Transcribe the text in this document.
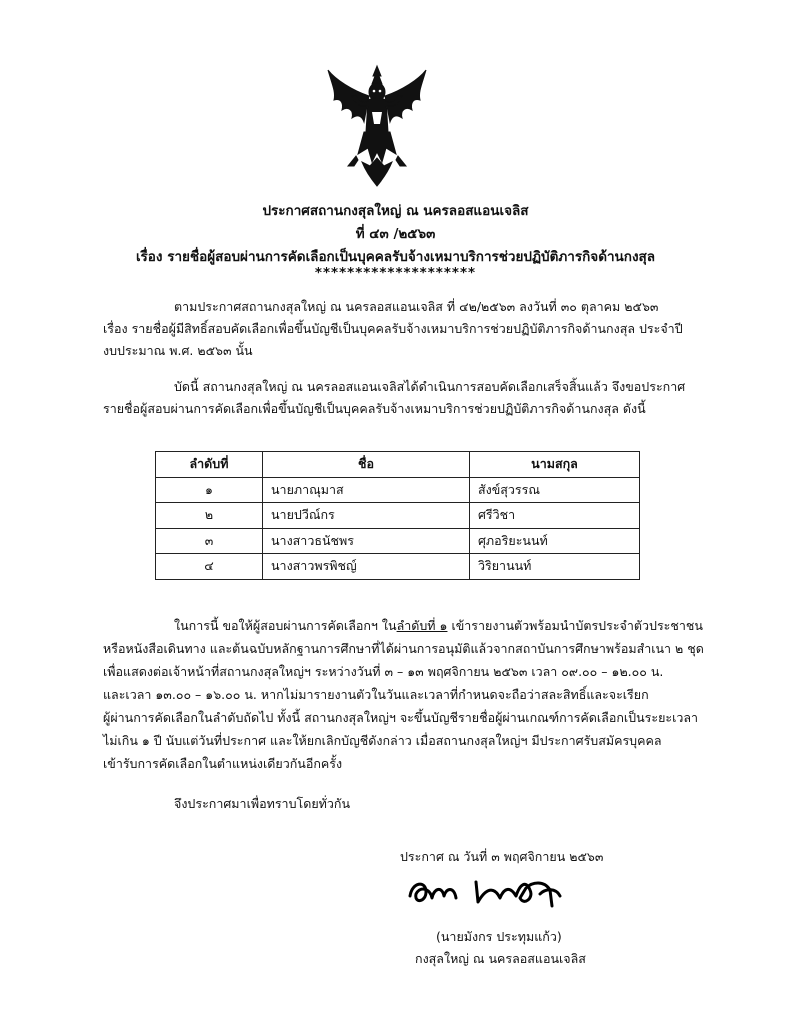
ประกาศสถานกงสุลใหญ่ ณ นครลอสแอนเจลิส
ที่ ๔๓ /๒๕๖๓
เรื่อง รายชื่อผู้สอบผ่านการคัดเลือกเป็นบุคคลรับจ้างเหมาบริการช่วยปฏิบัติภารกิจด้านกงสุล
********************
ตามประกาศสถานกงสุลใหญ่ ณ นครลอสแอนเจลิส ที่ ๔๒/๒๕๖๓ ลงวันที่ ๓๐ ตุลาคม ๒๕๖๓
เรื่อง รายชื่อผู้มีสิทธิ์สอบคัดเลือกเพื่อขึ้นบัญชีเป็นบุคคลรับจ้างเหมาบริการช่วยปฏิบัติภารกิจด้านกงสุล ประจำปี
งบประมาณ พ.ศ. ๒๕๖๓ นั้น
บัดนี้ สถานกงสุลใหญ่ ณ นครลอสแอนเจลิสได้ดำเนินการสอบคัดเลือกเสร็จสิ้นแล้ว จึงขอประกาศ
รายชื่อผู้สอบผ่านการคัดเลือกเพื่อขึ้นบัญชีเป็นบุคคลรับจ้างเหมาบริการช่วยปฏิบัติภารกิจด้านกงสุล ดังนี้
ลำดับที่	ชื่อ	นามสกุล
๑	นายภาณุมาส	สังข์สุวรรณ
๒	นายปวีณ์กร	ศรีวิชา
๓	นางสาวธนัชพร	ศุภอริยะนนท์
๔	นางสาวพรพิชญ์	วิริยานนท์
ในการนี้ ขอให้ผู้สอบผ่านการคัดเลือกฯ ในลำดับที่ ๑ เข้ารายงานตัวพร้อมนำบัตรประจำตัวประชาชน
หรือหนังสือเดินทาง และต้นฉบับหลักฐานการศึกษาที่ได้ผ่านการอนุมัติแล้วจากสถาบันการศึกษาพร้อมสำเนา ๒ ชุด
เพื่อแสดงต่อเจ้าหน้าที่สถานกงสุลใหญ่ฯ ระหว่างวันที่ ๓ – ๑๓ พฤศจิกายน ๒๕๖๓ เวลา ๐๙.๐๐ – ๑๒.๐๐ น.
และเวลา ๑๓.๐๐ – ๑๖.๐๐ น. หากไม่มารายงานตัวในวันและเวลาที่กำหนดจะถือว่าสละสิทธิ์และจะเรียก
ผู้ผ่านการคัดเลือกในลำดับถัดไป ทั้งนี้ สถานกงสุลใหญ่ฯ จะขึ้นบัญชีรายชื่อผู้ผ่านเกณฑ์การคัดเลือกเป็นระยะเวลา
ไม่เกิน ๑ ปี นับแต่วันที่ประกาศ และให้ยกเลิกบัญชีดังกล่าว เมื่อสถานกงสุลใหญ่ฯ มีประกาศรับสมัครบุคคล
เข้ารับการคัดเลือกในตำแหน่งเดียวกันอีกครั้ง
จึงประกาศมาเพื่อทราบโดยทั่วกัน
ประกาศ ณ วันที่ ๓ พฤศจิกายน ๒๕๖๓
(นายมังกร ประทุมแก้ว)
กงสุลใหญ่ ณ นครลอสแอนเจลิส
